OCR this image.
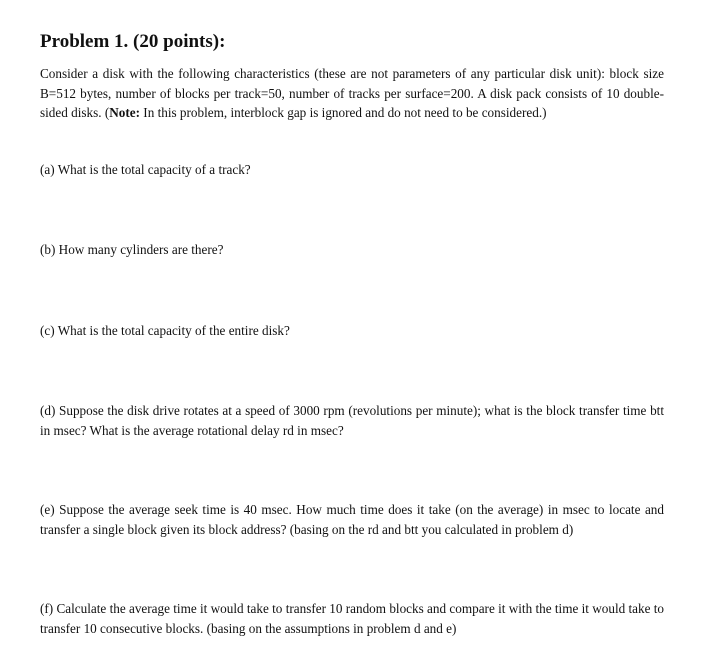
Problem 1. (20 points):

Consider a disk with the following characteristics (these are not parameters of any particular disk unit): block size B=512 bytes, number of blocks per track=50, number of tracks per surface=200. A disk pack consists of 10 double-sided disks. (Note: In this problem, interblock gap is ignored and do not need to be considered.)

(a) What is the total capacity of a track?

(b) How many cylinders are there?

(c) What is the total capacity of the entire disk?

(d) Suppose the disk drive rotates at a speed of 3000 rpm (revolutions per minute); what is the block transfer time btt in msec? What is the average rotational delay rd in msec?

(e) Suppose the average seek time is 40 msec. How much time does it take (on the average) in msec to locate and transfer a single block given its block address? (basing on the rd and btt you calculated in problem d)

(f) Calculate the average time it would take to transfer 10 random blocks and compare it with the time it would take to transfer 10 consecutive blocks. (basing on the assumptions in problem d and e)
